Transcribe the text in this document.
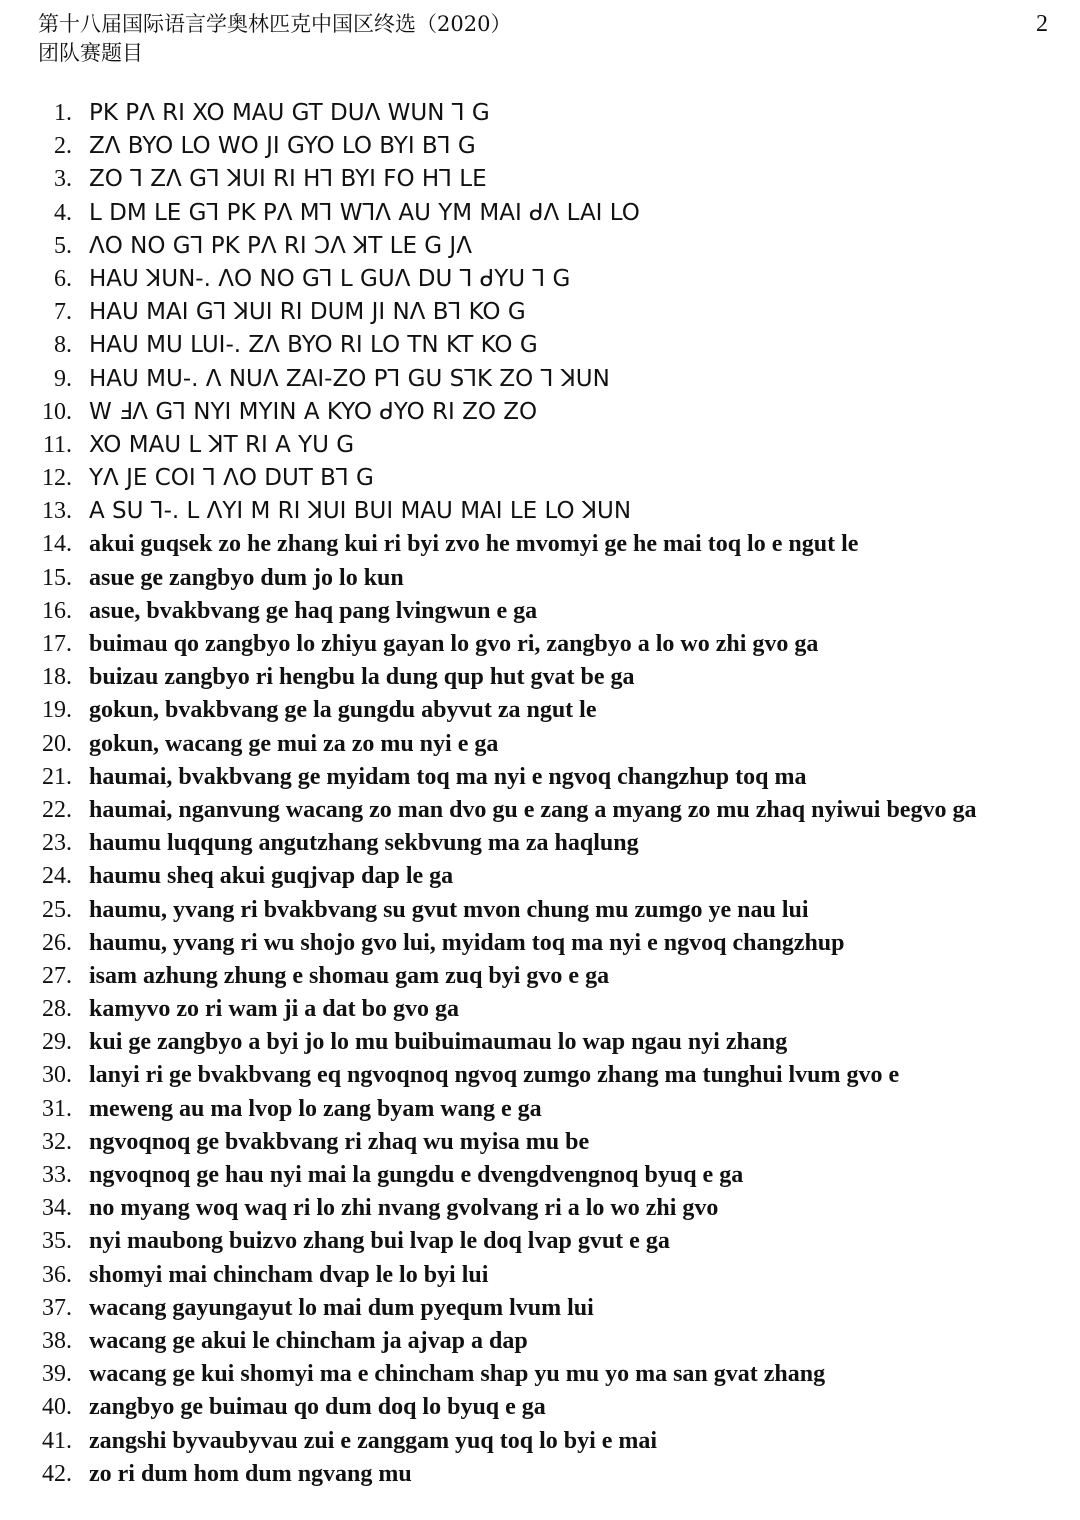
第十八届国际语言学奥林匹克中国区终选（2020）
团队赛题目
2
1. PK PΛ RI XO MAU GT DUΛ WUN ꓶ G
2. ZΛ BYO LO WO JI GYO LO BYI Bꓶ G
3. ZO ꓶ ZΛ Gꓶ ꓘUI RI Hꓶ BYI FO Hꓶ LE
4. L DM LE Gꓶ PK PΛ Mꓶ WꓶΛ AU YM MAI ᑯΛ LAI LO
5. ΛO NO Gꓶ PK PΛ RI ƆΛ ꓘT LE G JΛ
6. HAU ꓘUN-. ΛO NO Gꓶ L GUΛ DU ꓶ ᑯYU ꓶ G
7. HAU MAI Gꓶ ꓘUI RI DUM JI NΛ Bꓶ KO G
8. HAU MU LUI-. ZΛ BYO RI LO TN KT KO G
9. HAU MU-. Λ NUΛ ZAI-ZO Pꓶ GU SꓶK ZO ꓶ ꓘUN
10. W ꓞΛ Gꓶ NYI MYIN A KYO ᑯYO RI ZO ZO
11. XO MAU L ꓘT RI A YU G
12. YΛ JE COI ꓶ ΛO DUT Bꓶ G
13. A SU ꓶ-. L ΛYI M RI ꓘUI BUI MAU MAI LE LO ꓘUN
14. akui guqsek zo he zhang kui ri byi zvo he mvomyi ge he mai toq lo e ngut le
15. asue ge zangbyo dum jo lo kun
16. asue, bvakbvang ge haq pang lvingwun e ga
17. buimau qo zangbyo lo zhiyu gayan lo gvo ri, zangbyo a lo wo zhi gvo ga
18. buizau zangbyo ri hengbu la dung qup hut gvat be ga
19. gokun, bvakbvang ge la gungdu abyvut za ngut le
20. gokun, wacang ge mui za zo mu nyi e ga
21. haumai, bvakbvang ge myidam toq ma nyi e ngvoq changzhup toq ma
22. haumai, nganvung wacang zo man dvo gu e zang a myang zo mu zhaq nyiwui begvo ga
23. haumu luqqung angutzhang sekbvung ma za haqlung
24. haumu sheq akui guqjvap dap le ga
25. haumu, yvang ri bvakbvang su gvut mvon chung mu zumgo ye nau lui
26. haumu, yvang ri wu shojo gvo lui, myidam toq ma nyi e ngvoq changzhup
27. isam azhung zhung e shomau gam zuq byi gvo e ga
28. kamyvo zo ri wam ji a dat bo gvo ga
29. kui ge zangbyo a byi jo lo mu buibuimaumau lo wap ngau nyi zhang
30. lanyi ri ge bvakbvang eq ngvoqnoq ngvoq zumgo zhang ma tunghui lvum gvo e
31. meweng au ma lvop lo zang byam wang e ga
32. ngvoqnoq ge bvakbvang ri zhaq wu myisa mu be
33. ngvoqnoq ge hau nyi mai la gungdu e dvengdvengnoq byuq e ga
34. no myang woq waq ri lo zhi nvang gvolvang ri a lo wo zhi gvo
35. nyi maubong buizvo zhang bui lvap le doq lvap gvut e ga
36. shomyi mai chincham dvap le lo byi lui
37. wacang gayungayut lo mai dum pyequm lvum lui
38. wacang ge akui le chincham ja ajvap a dap
39. wacang ge kui shomyi ma e chincham shap yu mu yo ma san gvat zhang
40. zangbyo ge buimau qo dum doq lo byuq e ga
41. zangshi byvaubyvau zui e zanggam yuq toq lo byi e mai
42. zo ri dum hom dum ngvang mu
